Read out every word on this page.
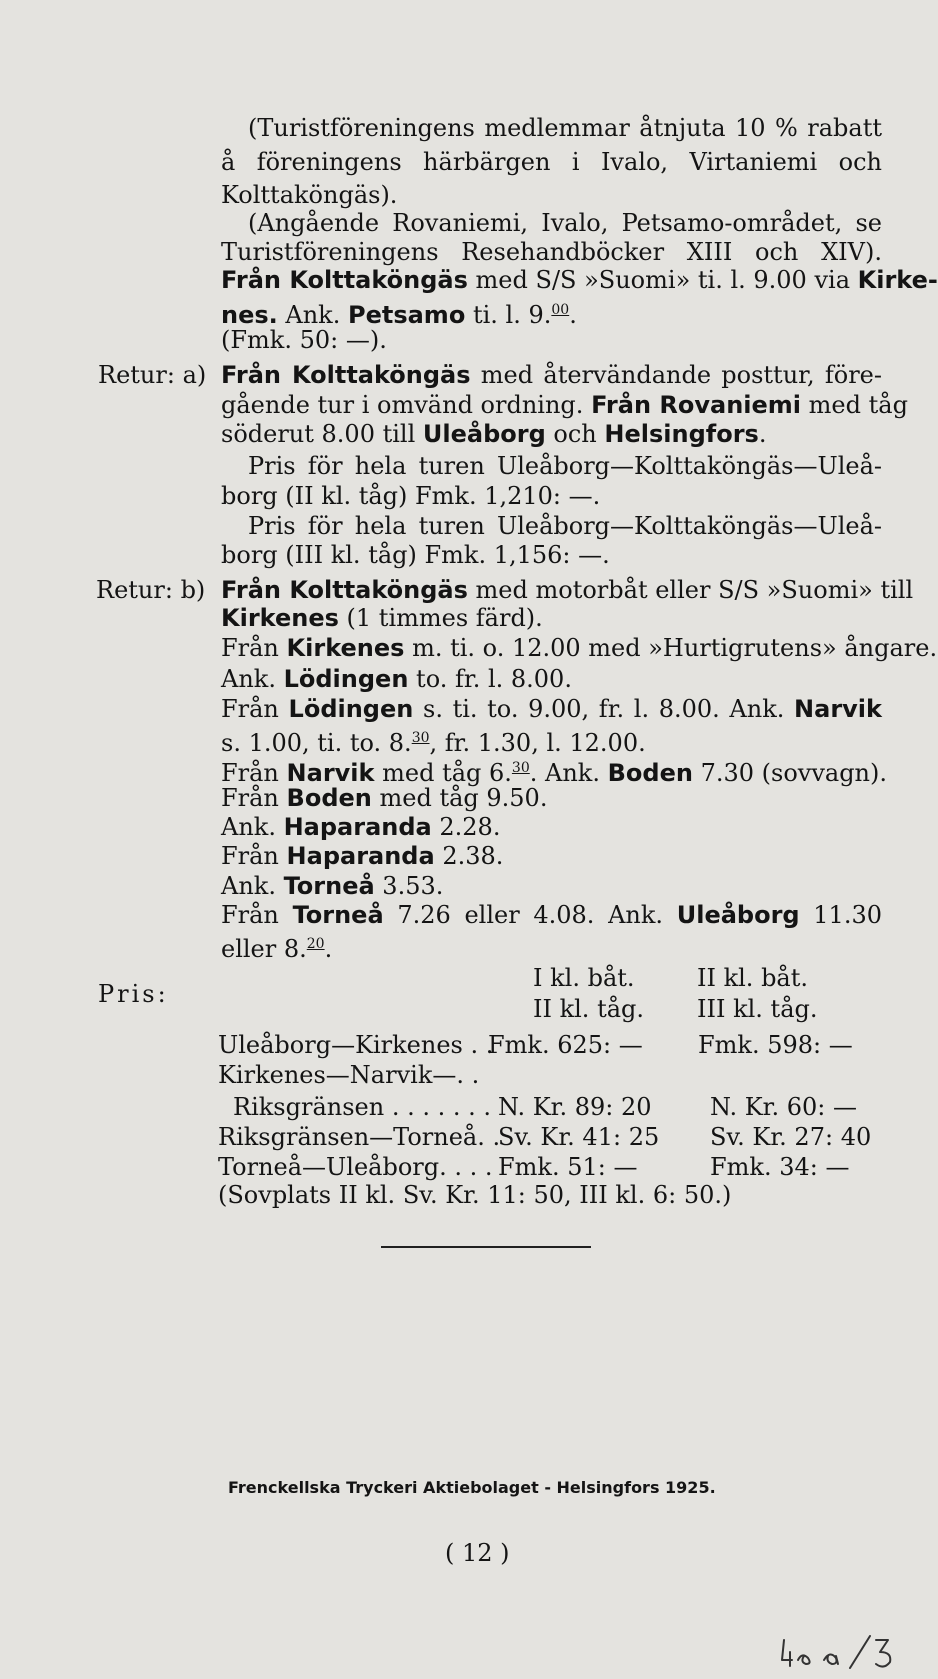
(Turistföreningens medlemmar åtnjuta 10 % rabatt
å föreningens härbärgen i Ivalo, Virtaniemi och
Kolttaköngäs).
(Angående Rovaniemi, Ivalo, Petsamo-området, se
Turistföreningens Resehandböcker XIII och XIV).
Från Kolttaköngäs med S/S »Suomi» ti. l. 9.00 via Kirke-
nes. Ank. Petsamo ti. l. 9.00.
(Fmk. 50: —).
Retur: a) Från Kolttaköngäs med återvändande posttur, före-
gående tur i omvänd ordning. Från Rovaniemi med tåg
söderut 8.00 till Uleåborg och Helsingfors.
Pris för hela turen Uleåborg—Kolttaköngäs—Uleå-
borg (II kl. tåg) Fmk. 1,210: —.
Pris för hela turen Uleåborg—Kolttaköngäs—Uleå-
borg (III kl. tåg) Fmk. 1,156: —.
Retur: b) Från Kolttaköngäs med motorbåt eller S/S »Suomi» till
Kirkenes (1 timmes färd).
Från Kirkenes m. ti. o. 12.00 med »Hurtigrutens» ångare.
Ank. Lödingen to. fr. l. 8.00.
Från Lödingen s. ti. to. 9.00, fr. l. 8.00. Ank. Narvik
s. 1.00, ti. to. 8.30, fr. 1.30, l. 12.00.
Från Narvik med tåg 6.30. Ank. Boden 7.30 (sovvagn).
Från Boden med tåg 9.50.
Ank. Haparanda 2.28.
Från Haparanda 2.38.
Ank. Torneå 3.53.
Från Torneå 7.26 eller 4.08. Ank. Uleåborg 11.30
eller 8.20.
Pris:
I kl. båt.
II kl. tåg.
II kl. båt.
III kl. tåg.
Uleåborg—Kirkenes . .
Fmk. 625: — Fmk. 598: —
Kirkenes—Narvik—. .
Riksgränsen . . . . . . . N. Kr. 89: 20 N. Kr. 60: —
Riksgränsen—Torneå. .
Sv. Kr. 41: 25 Sv. Kr. 27: 40
Torneå—Uleåborg. . . . Fmk. 51: —	Fmk. 34: —
(Sovplats II kl. Sv. Kr. 11: 50, III kl. 6: 50.)
Frenckellska Tryckeri Aktiebolaget - Helsingfors 1925.
( 12 )
